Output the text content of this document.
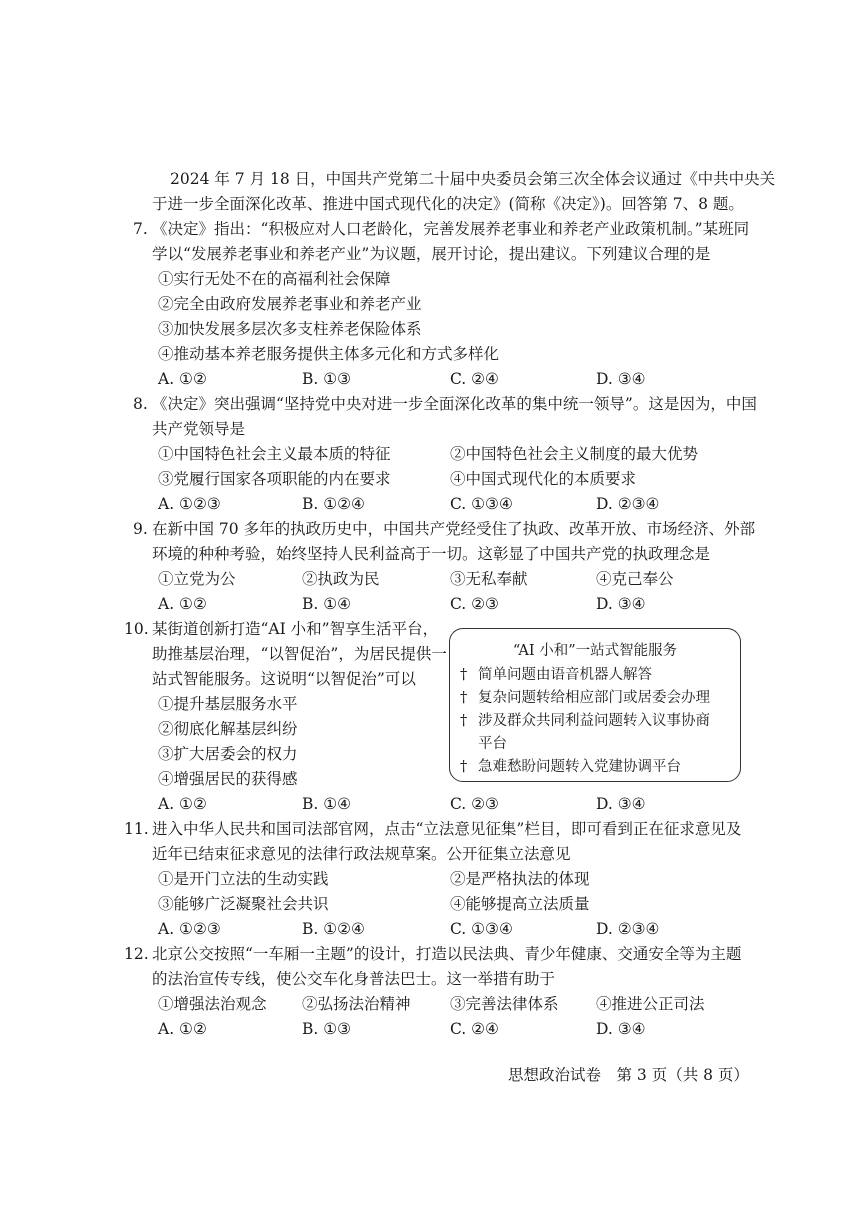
2024 年 7 月 18 日，中国共产党第二十届中央委员会第三次全体会议通过《中共中央关
于进一步全面深化改革、推进中国式现代化的决定》(简称《决定》)。回答第 7、8 题。
7. 《决定》指出：“积极应对人口老龄化，完善发展养老事业和养老产业政策机制。”某班同
学以“发展养老事业和养老产业”为议题，展开讨论，提出建议。下列建议合理的是
①实行无处不在的高福利社会保障
②完全由政府发展养老事业和养老产业
③加快发展多层次多支柱养老保险体系
④推动基本养老服务提供主体多元化和方式多样化
A. ①②	B. ①③	C. ②④	D. ③④
8. 《决定》突出强调“坚持党中央对进一步全面深化改革的集中统一领导”。这是因为，中国
共产党领导是
①中国特色社会主义最本质的特征	②中国特色社会主义制度的最大优势
③党履行国家各项职能的内在要求	④中国式现代化的本质要求
A. ①②③	B. ①②④	C. ①③④	D. ②③④
9. 在新中国 70 多年的执政历史中，中国共产党经受住了执政、改革开放、市场经济、外部
环境的种种考验，始终坚持人民利益高于一切。这彰显了中国共产党的执政理念是
①立党为公	②执政为民	③无私奉献	④克己奉公
A. ①②	B. ①④	C. ②③	D. ③④
10. 某街道创新打造“AI 小和”智享生活平台，
助推基层治理，“以智促治”，为居民提供一
站式智能服务。这说明“以智促治”可以
①提升基层服务水平
②彻底化解基层纠纷
③扩大居委会的权力
④增强居民的获得感
A. ①②	B. ①④	C. ②③	D. ③④
“AI 小和”一站式智能服务
† 简单问题由语音机器人解答
† 复杂问题转给相应部门或居委会办理
† 涉及群众共同利益问题转入议事协商
平台
† 急难愁盼问题转入党建协调平台
11. 进入中华人民共和国司法部官网，点击“立法意见征集”栏目，即可看到正在征求意见及
近年已结束征求意见的法律行政法规草案。公开征集立法意见
①是开门立法的生动实践	②是严格执法的体现
③能够广泛凝聚社会共识	④能够提高立法质量
A. ①②③	B. ①②④	C. ①③④	D. ②③④
12. 北京公交按照“一车厢一主题”的设计，打造以民法典、青少年健康、交通安全等为主题
的法治宣传专线，使公交车化身普法巴士。这一举措有助于
①增强法治观念 ②弘扬法治精神	③完善法律体系 ④推进公正司法
A. ①②	B. ①③	C. ②④	D. ③④
思想政治试卷　第 3 页（共 8 页）
